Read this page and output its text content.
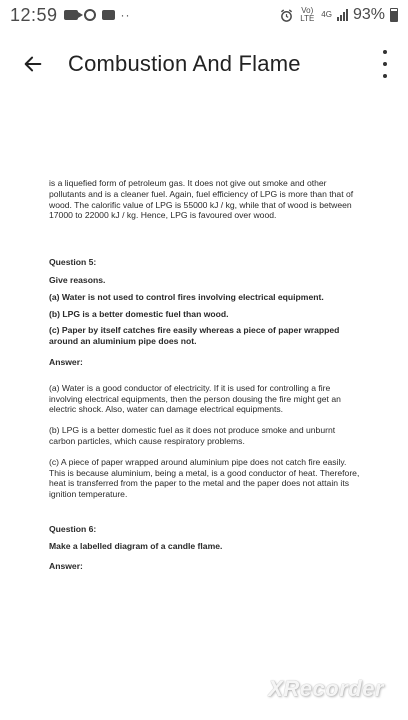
12:59	··	Vo) LTE 4G 93%
Combustion And Flame

is a liquefied form of petroleum gas. It does not give out smoke and other pollutants and is a cleaner fuel. Again, fuel efficiency of LPG is more than that of wood. The calorific value of LPG is 55000 kJ / kg, while that of wood is between 17000 to 22000 kJ / kg. Hence, LPG is favoured over wood.

Question 5:

Give reasons.

(a) Water is not used to control fires involving electrical equipment.

(b) LPG is a better domestic fuel than wood.

(c) Paper by itself catches fire easily whereas a piece of paper wrapped around an aluminium pipe does not.

Answer:

(a) Water is a good conductor of electricity. If it is used for controlling a fire involving electrical equipments, then the person dousing the fire might get an electric shock. Also, water can damage electrical equipments.

(b) LPG is a better domestic fuel as it does not produce smoke and unburnt carbon particles, which cause respiratory problems.

(c) A piece of paper wrapped around aluminium pipe does not catch fire easily. This is because aluminium, being a metal, is a good conductor of heat. Therefore, heat is transferred from the paper to the metal and the paper does not attain its ignition temperature.

Question 6:

Make a labelled diagram of a candle flame.

Answer:

XRecorder
